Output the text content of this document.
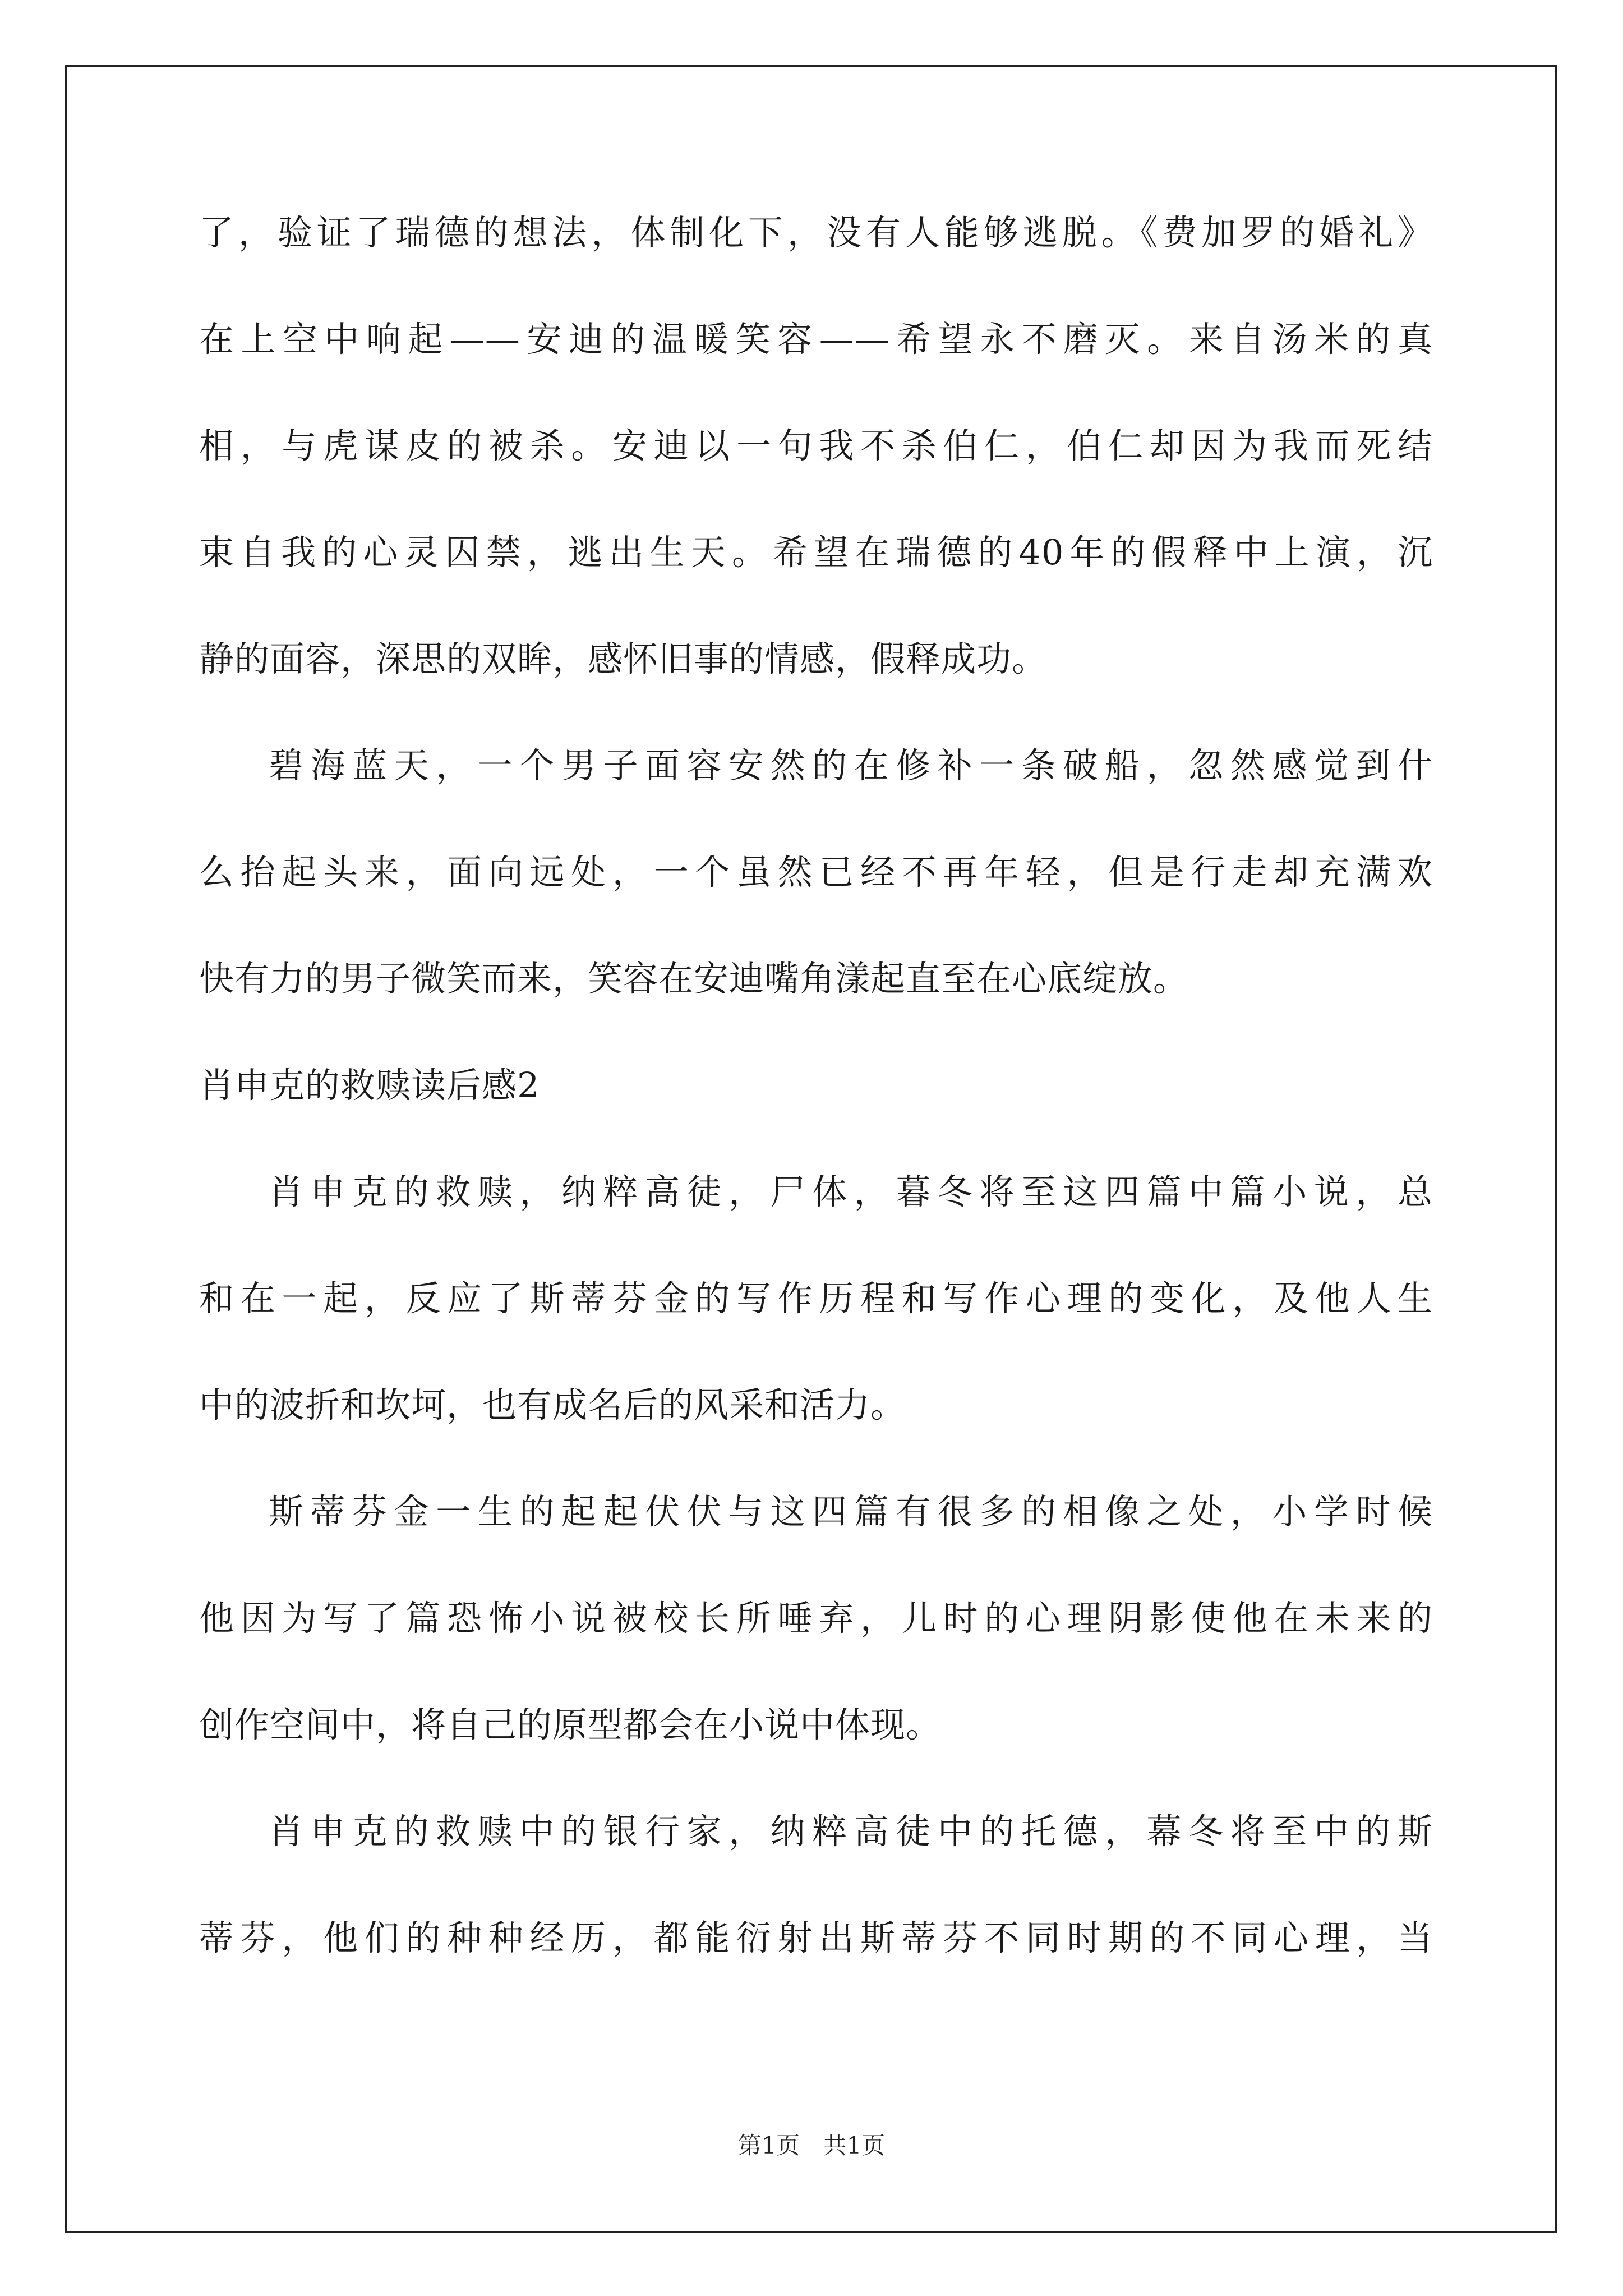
了，验证了瑞德的想法，体制化下，没有人能够逃脱。《费加罗的婚礼》
在上空中响起——安迪的温暖笑容——希望永不磨灭。来自汤米的真
相，与虎谋皮的被杀。安迪以一句我不杀伯仁，伯仁却因为我而死结
束自我的心灵囚禁，逃出生天。希望在瑞德的40年的假释中上演，沉
静的面容，深思的双眸，感怀旧事的情感，假释成功。
碧海蓝天，一个男子面容安然的在修补一条破船，忽然感觉到什
么抬起头来，面向远处，一个虽然已经不再年轻，但是行走却充满欢
快有力的男子微笑而来，笑容在安迪嘴角漾起直至在心底绽放。
肖申克的救赎读后感2
肖申克的救赎，纳粹高徒，尸体，暮冬将至这四篇中篇小说，总
和在一起，反应了斯蒂芬金的写作历程和写作心理的变化，及他人生
中的波折和坎坷，也有成名后的风采和活力。
斯蒂芬金一生的起起伏伏与这四篇有很多的相像之处，小学时候
他因为写了篇恐怖小说被校长所唾弃，儿时的心理阴影使他在未来的
创作空间中，将自己的原型都会在小说中体现。
肖申克的救赎中的银行家，纳粹高徒中的托德，幕冬将至中的斯
蒂芬，他们的种种经历，都能衍射出斯蒂芬不同时期的不同心理，当
第1页 共1页
